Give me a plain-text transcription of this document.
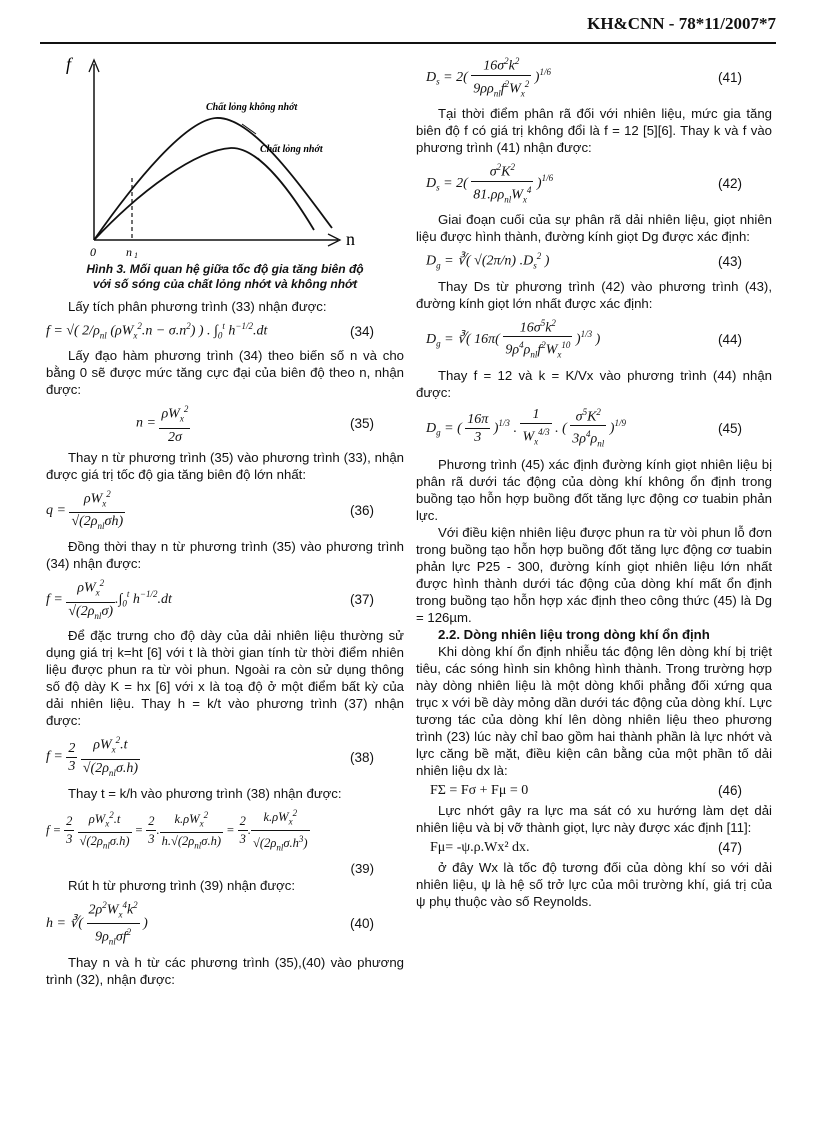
KH&CNN - 78*11/2007*7
f
n
0	n 1
Chất lỏng không nhớt
Chất lỏng nhớt
Hình 3. Mối quan hệ giữa tốc độ gia tăng biên độ
với số sóng của chất lỏng nhớt và không nhớt

Lấy tích phân phương trình (33) nhận được:

f = √( $2/\rho_{nl}$ $(\rho W_x^2.n - \sigma.n^2)$ ) . $\int_0^t$ $h^{-1/2}.dt$	(34)

Lấy đạo hàm phương trình (34) theo biến số n và cho bằng 0 sẽ được mức tăng cực đại của biên độ theo n, nhận được:

$n = \frac{\rho W_x^2}{2\sigma}$	(35)

Thay n từ phương trình (35) vào phương trình (33), nhận được giá trị tốc độ gia tăng biên độ lớn nhất:

$q = \frac{\rho W_x^2}{√(2\rho_{nl}\sigma h)}$	(36)

Đồng thời thay n từ phương trình (35) vào phương trình (34) nhận được:

$f = \frac{\rho W_x^2}{√(2\rho_{nl}\sigma)} .\int_0^t$ $h^{-1/2}.dt$	(37)

Để đặc trưng cho độ dày của dải nhiên liệu thường sử dụng giá trị k=ht [6] với t là thời gian tính từ thời điểm nhiên liệu được phun ra từ vòi phun. Ngoài ra còn sử dụng thông số độ dày K = hx [6] với x là toạ độ ở một điểm bất kỳ của dải nhiên liệu. Thay h = k/t vào phương trình (37) nhận được:

$f = \frac{2}{3}$
$\frac{\rho W_x^2.t}{√(2\rho_{nl}\sigma.h)}$	(38)

Thay t = k/h vào phương trình (38) nhận được:

$f = \frac{2}{3}$
$\frac{\rho W_x^2.t}{√(2\rho_{nl}\sigma.h)} = \frac{2}{3}$ . $\frac{k.\rho W_x^2}{h.√(2\rho_{nl}\sigma.h)} = \frac{2}{3}$ . $\frac{k.\rho W_x^2}{√(2\rho_{nl}\sigma.h^3)}$
(39)

Rút h từ phương trình (39) nhận được:

h = ∛( $\frac{2\rho^2W_x^4k^2}{9\rho_{nl}\sigma f^2}$ )	(40)

Thay n và h từ các phương trình (35),(40) vào phương trình (32), nhận được:

$D_s = 2( \frac{16\sigma^2k^2}{9\rho\rho_{nl}f^2W_x^2} )^{1/6}$	(41)

Tại thời điểm phân rã đối với nhiên liệu, mức gia tăng biên độ f có giá trị không đổi là f = 12 [5][6]. Thay k và f vào phương trình (41) nhận được:

$D_s = 2( \frac{\sigma^2K^2}{81.\rho\rho_{nl}W_x^4} )^{1/6}$	(42)

Giai đoạn cuối của sự phân rã dải nhiên liệu, giọt nhiên liệu được hình thành, đường kính giọt Dg được xác định:

$D_g$ = ∛( √(2π/n) $.D_s^2$ )	(43)

Thay Ds từ phương trình (42) vào phương trình (43), đường kính giọt lớn nhất được xác định:

$D_g$ = ∛( $16\pi( \frac{16\sigma^5k^2}{9\rho^4\rho_{nl}f^2W_x^{10}} )^{1/3}$ )	(44)

Thay f = 12 và k = K/Vx vào phương trình (44) nhận được:

$D_g$ = ( $\frac{16\pi}{3} )^{1/3}$ . $\frac{1}{W_x^{4/3}}$ . ( $\frac{\sigma^5K^2}{3\rho^4\rho_{nl}} )^{1/9}$	(45)

Phương trình (45) xác định đường kính giọt nhiên liệu bị phân rã dưới tác động của dòng khí không ổn định trong buồng tạo hỗn hợp buồng đốt tăng lực động cơ tuabin phản lực.

Với điều kiện nhiên liệu được phun ra từ vòi phun lỗ đơn trong buồng tạo hỗn hợp buồng đốt tăng lực động cơ tuabin phản lực P25 - 300, đường kính giọt nhiên liệu lớn nhất được hình thành dưới tác động của dòng khí mất ổn định trong buồng tạo hỗn hợp xác định theo công thức (45) là Dg = 126µm.

2.2. Dòng nhiên liệu trong dòng khí ổn định

Khi dòng khí ổn định nhiễu tác động lên dòng khí bị triệt tiêu, các sóng hình sin không hình thành. Trong trường hợp này dòng nhiên liệu là một dòng khối phẳng đối xứng qua trục x với bề dày mỏng dần dưới tác động của dòng khí. Lực tương tác của dòng khí lên dòng nhiên liệu theo phương trình (23) lúc này chỉ bao gồm hai thành phần là lực nhớt và lực căng bề mặt, điều kiện cân bằng của một phần tố dải nhiên liệu dx là:

FΣ = Fσ + Fμ = 0	(46)

Lực nhớt gây ra lực ma sát có xu hướng làm dẹt dải nhiên liệu và bị vỡ thành giọt, lực này được xác định [11]:

Fμ= -ψ.ρ.Wx² dx.	(47)

ở đây Wx là tốc độ tương đối của dòng khí so với dải nhiên liệu, ψ là hệ số trở lực của môi trường khí, giá trị của ψ phụ thuộc vào số Reynolds.
